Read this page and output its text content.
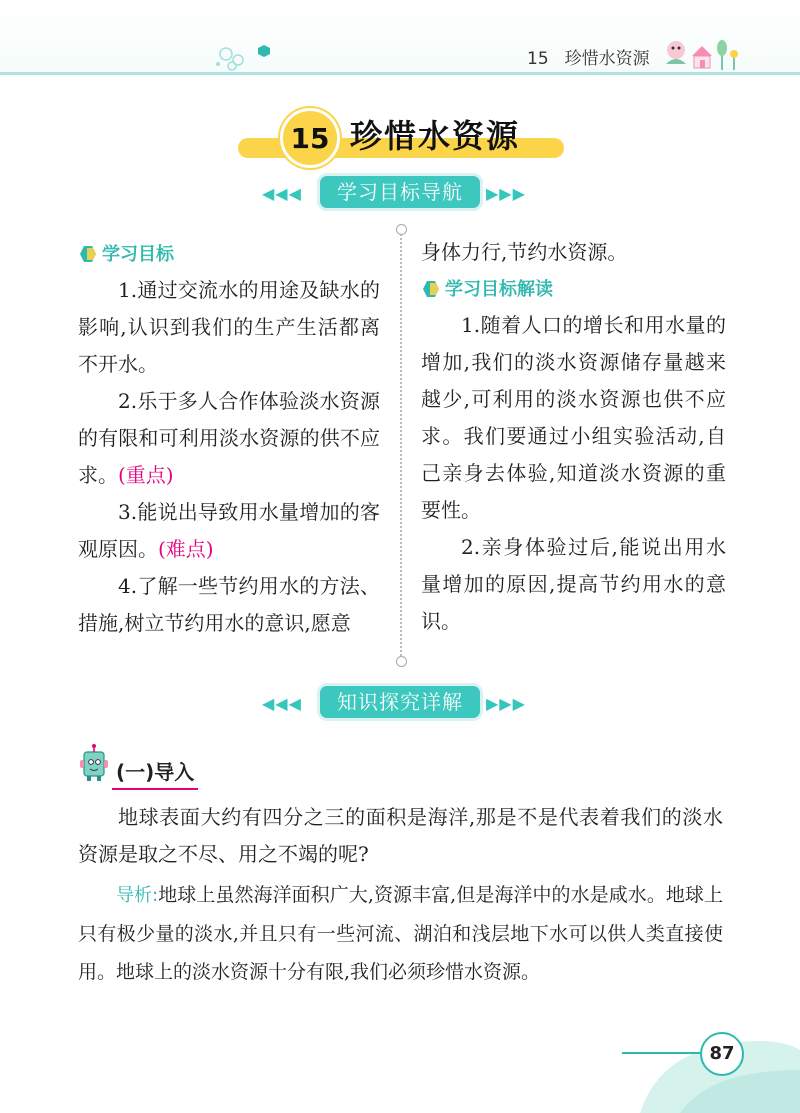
15 珍惜水资源
15 珍惜水资源
◀◀◀	学习目标导航	▶▶▶
学习目标

1.通过交流水的用途及缺水的影响,认识到我们的生产生活都离不开水。

2.乐于多人合作体验淡水资源的有限和可利用淡水资源的供不应求。(重点)

3.能说出导致用水量增加的客观原因。(难点)

4.了解一些节约用水的方法、措施,树立节约用水的意识,愿意

身体力行,节约水资源。

学习目标解读

1.随着人口的增长和用水量的增加,我们的淡水资源储存量越来越少,可利用的淡水资源也供不应求。我们要通过小组实验活动,自己亲身去体验,知道淡水资源的重要性。

2.亲身体验过后,能说出用水量增加的原因,提高节约用水的意识。

◀◀◀	知识探究详解	▶▶▶
(一)导入

地球表面大约有四分之三的面积是海洋,那是不是代表着我们的淡水资源是取之不尽、用之不竭的呢?

导析:地球上虽然海洋面积广大,资源丰富,但是海洋中的水是咸水。地球上只有极少量的淡水,并且只有一些河流、湖泊和浅层地下水可以供人类直接使用。地球上的淡水资源十分有限,我们必须珍惜水资源。

87
